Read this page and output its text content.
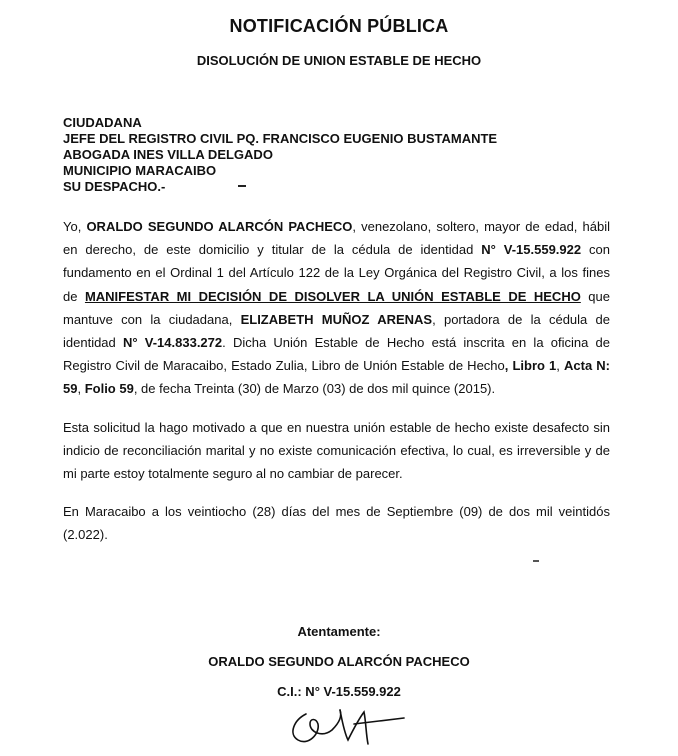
NOTIFICACIÓN PÚBLICA
DISOLUCIÓN DE UNION ESTABLE DE HECHO
CIUDADANA
JEFE DEL REGISTRO CIVIL PQ. FRANCISCO EUGENIO BUSTAMANTE
ABOGADA INES VILLA DELGADO
MUNICIPIO MARACAIBO
SU DESPACHO.-
Yo, ORALDO SEGUNDO ALARCÓN PACHECO, venezolano, soltero, mayor de edad, hábil en derecho, de este domicilio y titular de la cédula de identidad N° V-15.559.922 con fundamento en el Ordinal 1 del Artículo 122 de la Ley Orgánica del Registro Civil, a los fines de MANIFESTAR MI DECISIÓN DE DISOLVER LA UNIÓN ESTABLE DE HECHO que mantuve con la ciudadana, ELIZABETH MUÑOZ ARENAS, portadora de la cédula de identidad N° V-14.833.272. Dicha Unión Estable de Hecho está inscrita en la oficina de Registro Civil de Maracaibo, Estado Zulia, Libro de Unión Estable de Hecho, Libro 1, Acta N: 59, Folio 59, de fecha Treinta (30) de Marzo (03) de dos mil quince (2015).
Esta solicitud la hago motivado a que en nuestra unión estable de hecho existe desafecto sin indicio de reconciliación marital y no existe comunicación efectiva, lo cual, es irreversible y de mi parte estoy totalmente seguro al no cambiar de parecer.
En Maracaibo a los veintiocho (28) días del mes de Septiembre (09) de dos mil veintidós (2.022).
Atentamente:
ORALDO SEGUNDO ALARCÓN PACHECO
C.I.: N° V-15.559.922
